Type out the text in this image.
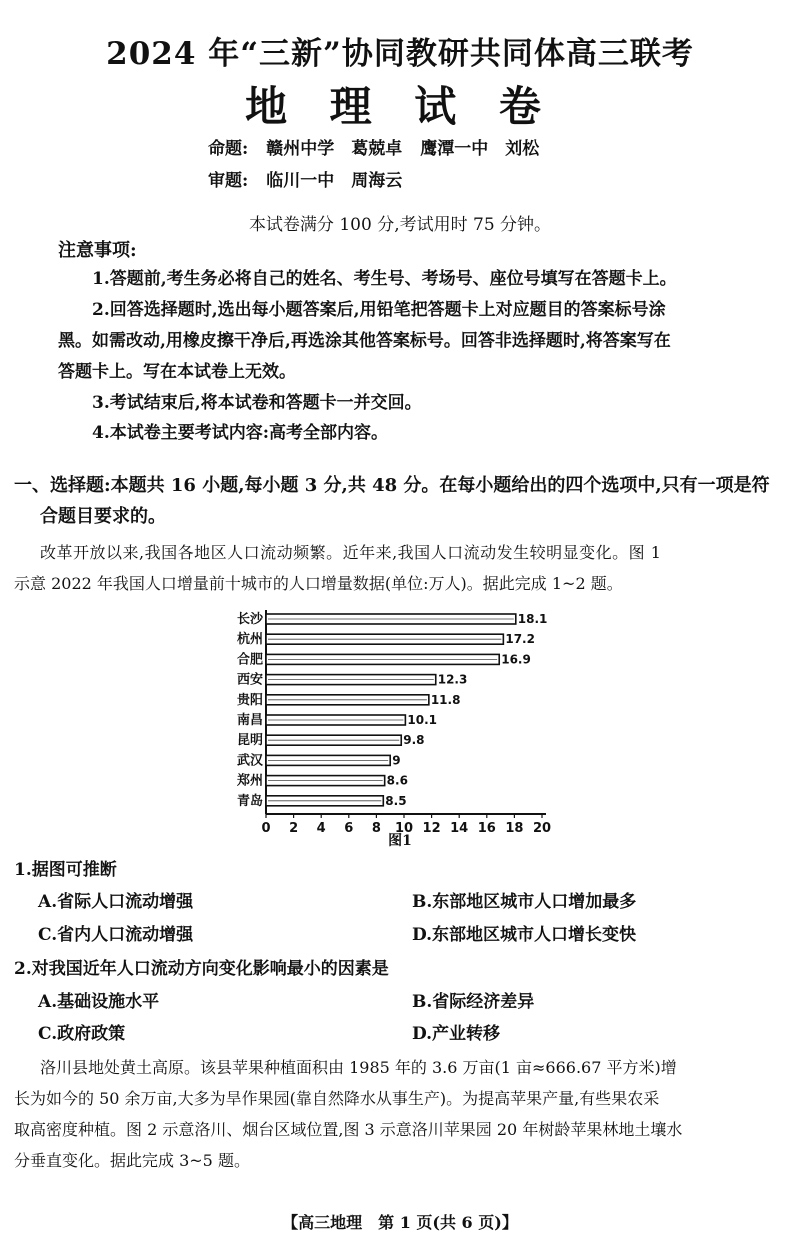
2024 年“三新”协同教研共同体高三联考
地 理 试 卷
命题: 赣州中学　葛兢卓 鹰潭一中　刘松
审题: 临川一中　周海云
本试卷满分 100 分,考试用时 75 分钟。
注意事项:
1.答题前,考生务必将自己的姓名、考生号、考场号、座位号填写在答题卡上。
2.回答选择题时,选出每小题答案后,用铅笔把答题卡上对应题目的答案标号涂
黑。如需改动,用橡皮擦干净后,再选涂其他答案标号。回答非选择题时,将答案写在
答题卡上。写在本试卷上无效。
3.考试结束后,将本试卷和答题卡一并交回。
4.本试卷主要考试内容:高考全部内容。
一、选择题:本题共 16 小题,每小题 3 分,共 48 分。在每小题给出的四个选项中,只有一项是符
合题目要求的。
改革开放以来,我国各地区人口流动频繁。近年来,我国人口流动发生较明显变化。图 1
示意 2022 年我国人口增量前十城市的人口增量数据(单位:万人)。据此完成 1~2 题。
0 2 4 6 8 10 12 14 16 18 20
长沙	18.1
杭州	17.2
合肥	16.9
西安	12.3
贵阳	11.8
南昌	10.1
昆明	9.8
武汉	9
郑州	8.6
青岛	8.5
图1
1.据图可推断
A.省际人口流动增强	B.东部地区城市人口增加最多
C.省内人口流动增强	D.东部地区城市人口增长变快
2.对我国近年人口流动方向变化影响最小的因素是
A.基础设施水平	B.省际经济差异
C.政府政策	D.产业转移
洛川县地处黄土高原。该县苹果种植面积由 1985 年的 3.6 万亩(1 亩≈666.67 平方米)增
长为如今的 50 余万亩,大多为旱作果园(靠自然降水从事生产)。为提高苹果产量,有些果农采
取高密度种植。图 2 示意洛川、烟台区域位置,图 3 示意洛川苹果园 20 年树龄苹果林地土壤水
分垂直变化。据此完成 3~5 题。
【高三地理　第 1 页(共 6 页)】
